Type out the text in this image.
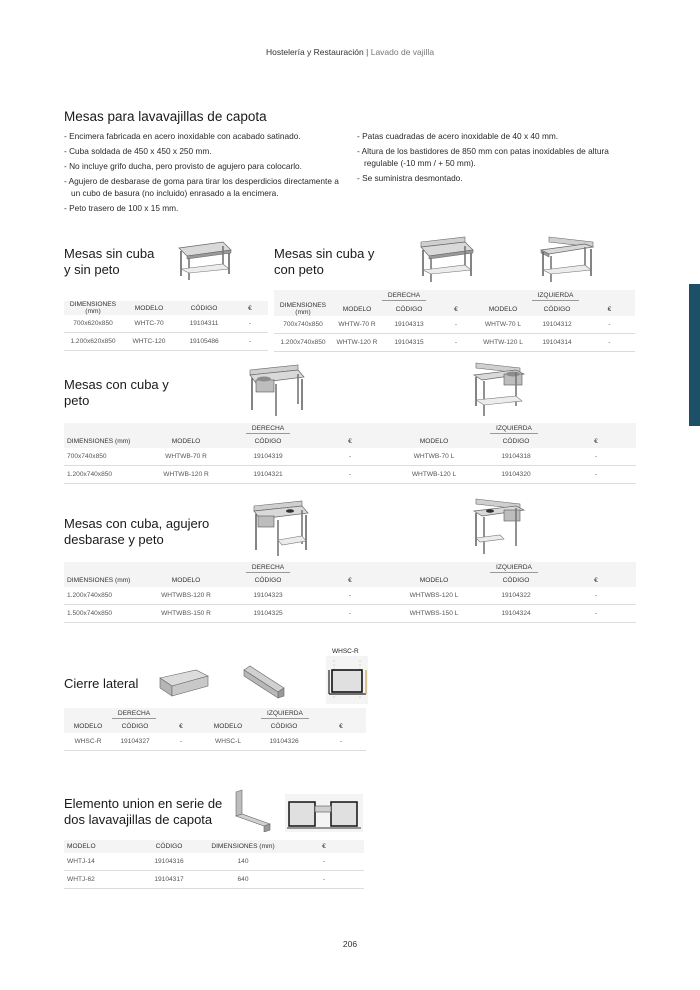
Hostelería y Restauración | Lavado de vajilla
Mesas para lavavajillas de capota
- Encimera fabricada en acero inoxidable con acabado satinado.
- Cuba soldada de 450 x 450 x 250 mm.
- No incluye grifo ducha, pero provisto de agujero para colocarlo.
- Agujero de desbarase de goma para tirar los desperdicios directamente a un cubo de basura (no incluido) enrasado a la encimera.
- Peto trasero de 100 x 15 mm.
- Patas cuadradas de acero inoxidable de 40 x 40 mm.
- Altura de los bastidores de 850 mm con patas inoxidables de altura regulable (-10 mm / + 50 mm).
- Se suministra desmontado.
Mesas sin cuba y sin peto
DIMENSIONES (mm)	MODELO	CÓDIGO	€
700x620x850	WHTC-70	19104311	-
1.200x620x850	WHTC-120	19105486	-
Mesas sin cuba y con peto
	DERECHA			IZQUIERDA		
DIMENSIONES (mm)	MODELO	CÓDIGO	€	MODELO	CÓDIGO	€
700x740x850	WHTW-70 R	19104313	-	WHTW-70 L	19104312	-
1.200x740x850	WHTW-120 R	19104315	-	WHTW-120 L	19104314	-
Mesas con cuba y peto
	DERECHA			IZQUIERDA		
DIMENSIONES (mm)	MODELO	CÓDIGO	€	MODELO	CÓDIGO	€
700x740x850	WHTWB-70 R	19104319	-	WHTWB-70 L	19104318	-
1.200x740x850	WHTWB-120 R	19104321	-	WHTWB-120 L	19104320	-
Mesas con cuba, agujero desbarase y peto
	DERECHA			IZQUIERDA		
DIMENSIONES (mm)	MODELO	CÓDIGO	€	MODELO	CÓDIGO	€
1.200x740x850	WHTWBS-120 R	19104323	-	WHTWBS-120 L	19104322	-
1.500x740x850	WHTWBS-150 R	19104325	-	WHTWBS-150 L	19104324	-
Cierre lateral
WHSC-R
DERECHA			IZQUIERDA		
MODELO	CÓDIGO	€	MODELO	CÓDIGO	€
WHSC-R	19104327	-	WHSC-L	19104326	-
Elemento union en serie de dos lavavajillas de capota
MODELO	CÓDIGO	DIMENSIONES (mm)	€
WHTJ-14	19104316	140	-
WHTJ-62	19104317	640	-
206
